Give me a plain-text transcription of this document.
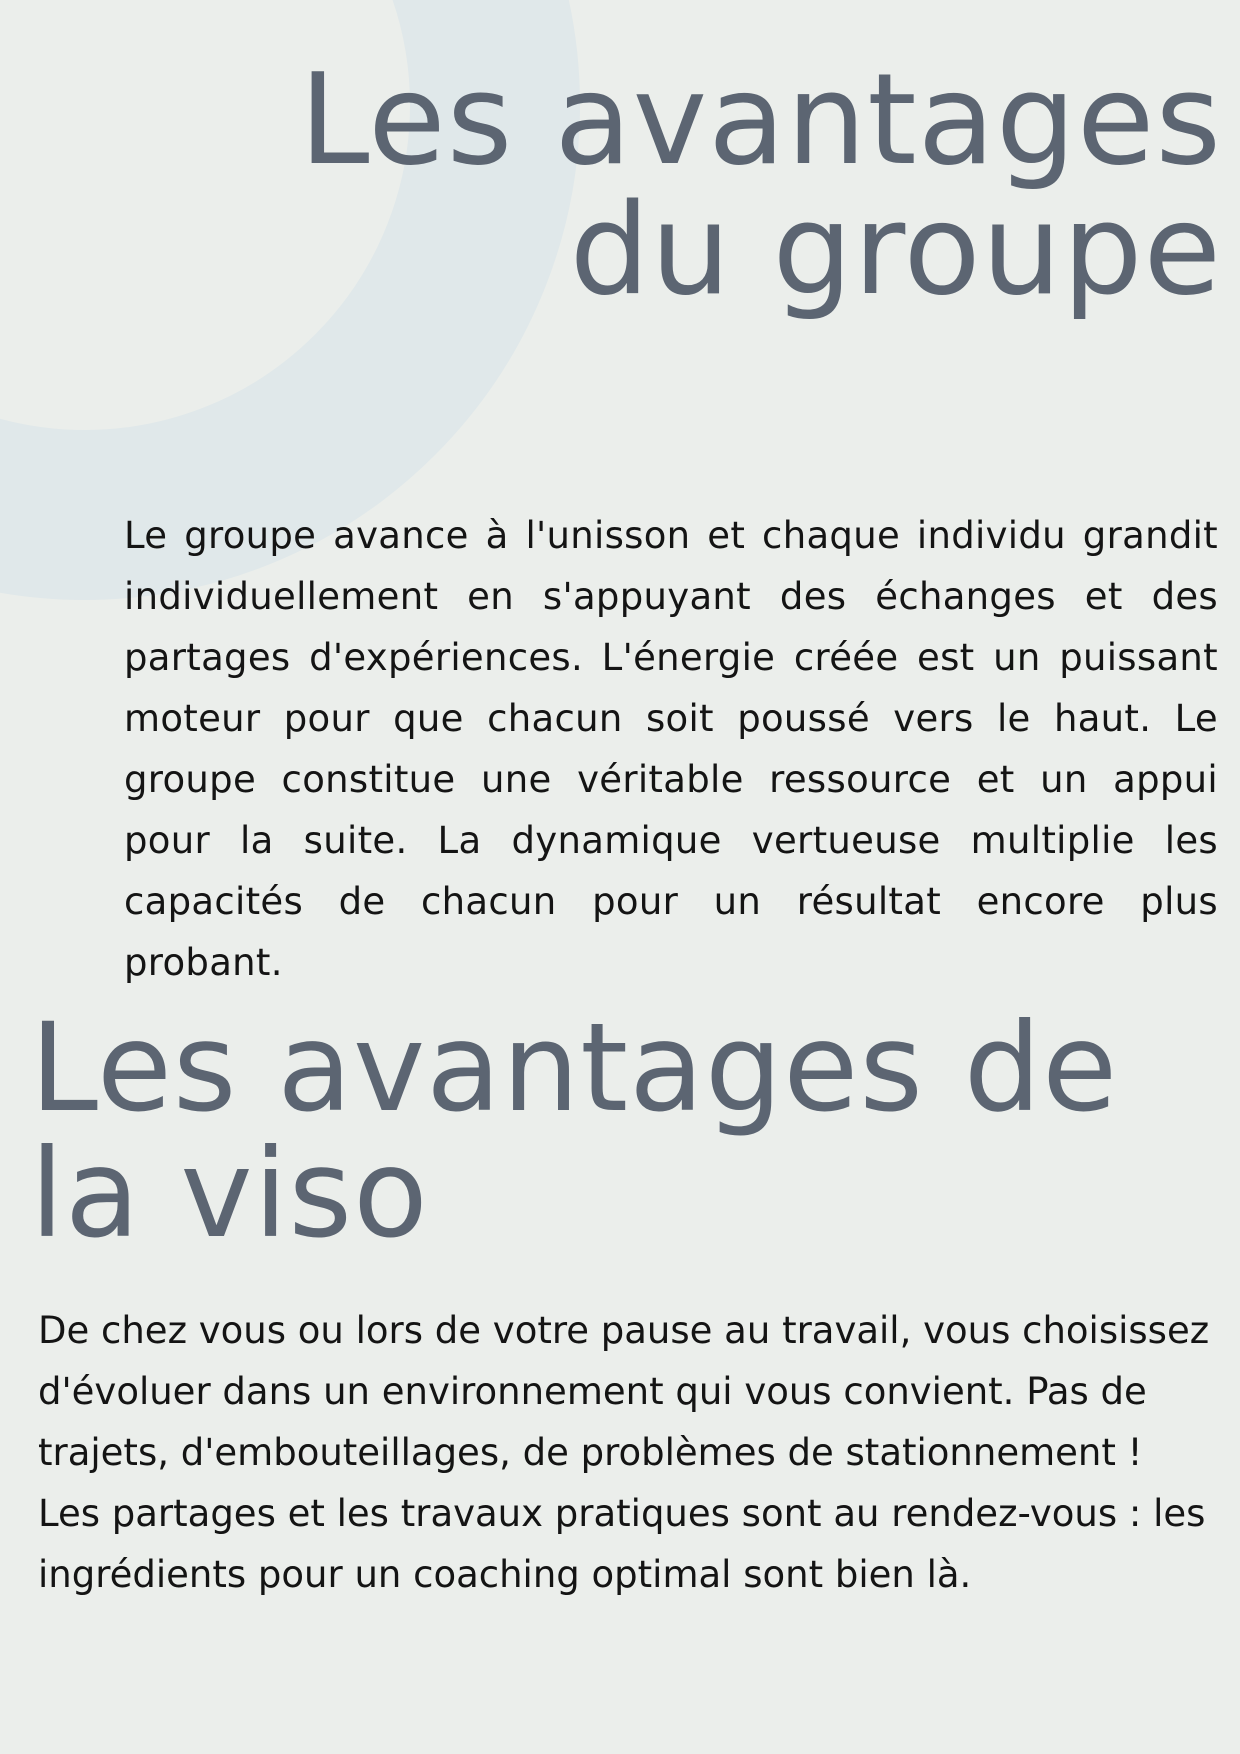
Les avantages du groupe

Le groupe avance à l'unisson et chaque individu grandit individuellement en s'appuyant des échanges et des partages d'expériences. L'énergie créée est un puissant moteur pour que chacun soit poussé vers le haut. Le groupe constitue une véritable ressource et un appui pour la suite. La dynamique vertueuse multiplie les capacités de chacun pour un résultat encore plus probant.

Les avantages de la viso

De chez vous ou lors de votre pause au travail, vous choisissez d'évoluer dans un environnement qui vous convient. Pas de trajets, d'embouteillages, de problèmes de stationnement !
Les partages et les travaux pratiques sont au rendez-vous : les ingrédients pour un coaching optimal sont bien là.
